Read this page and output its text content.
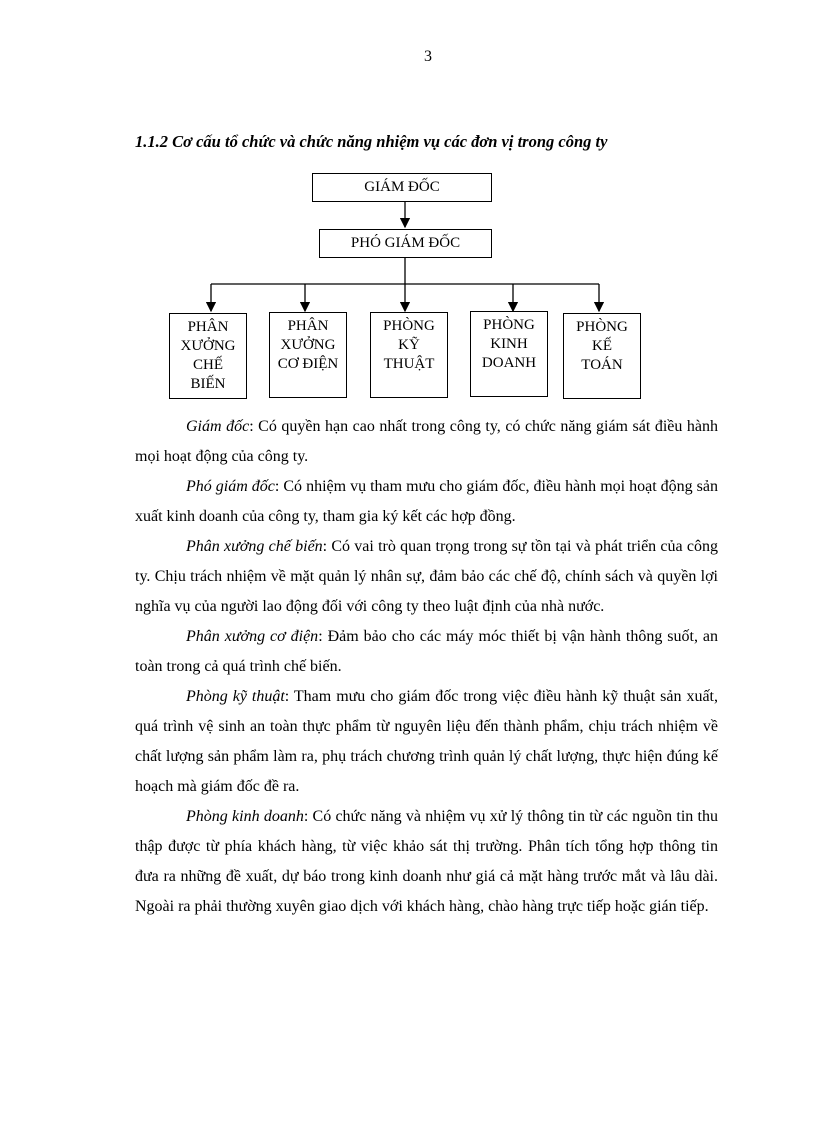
3
1.1.2 Cơ cấu tổ chức và chức năng nhiệm vụ các đơn vị trong công ty
GIÁM ĐỐC
PHÓ GIÁM ĐỐC
PHÂN
XƯỞNG
CHẾ
BIẾN
PHÂN
XƯỞNG
CƠ ĐIỆN
PHÒNG
KỸ
THUẬT
PHÒNG
KINH
DOANH
PHÒNG
KẾ
TOÁN

Giám đốc: Có quyền hạn cao nhất trong công ty, có chức năng giám sát điều hành mọi hoạt động của công ty.

Phó giám đốc: Có nhiệm vụ tham mưu cho giám đốc, điều hành mọi hoạt động sản xuất kinh doanh của công ty, tham gia ký kết các hợp đồng.

Phân xưởng chế biến: Có vai trò quan trọng trong sự tồn tại và phát triển của công ty. Chịu trách nhiệm về mặt quản lý nhân sự, đảm bảo các chế độ, chính sách và quyền lợi nghĩa vụ của người lao động đối với công ty theo luật định của nhà nước.

Phân xưởng cơ điện: Đảm bảo cho các máy móc thiết bị vận hành thông suốt, an toàn trong cả quá trình chế biến.

Phòng kỹ thuật: Tham mưu cho giám đốc trong việc điều hành kỹ thuật sản xuất, quá trình vệ sinh an toàn thực phẩm từ nguyên liệu đến thành phẩm, chịu trách nhiệm về chất lượng sản phẩm làm ra, phụ trách chương trình quản lý chất lượng, thực hiện đúng kế hoạch mà giám đốc đề ra.

Phòng kinh doanh: Có chức năng và nhiệm vụ xử lý thông tin từ các nguồn tin thu thập được từ phía khách hàng, từ việc khảo sát thị trường. Phân tích tổng hợp thông tin đưa ra những đề xuất, dự báo trong kinh doanh như giá cả mặt hàng trước mắt và lâu dài. Ngoài ra phải thường xuyên giao dịch với khách hàng, chào hàng trực tiếp hoặc gián tiếp.
